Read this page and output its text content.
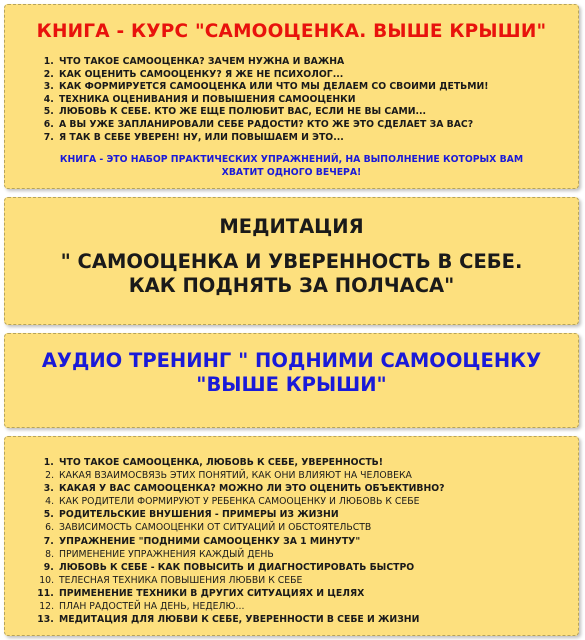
КНИГА - КУРС "САМООЦЕНКА. ВЫШЕ КРЫШИ"
1. ЧТО ТАКОЕ САМООЦЕНКА? ЗАЧЕМ НУЖНА И ВАЖНА
2. КАК ОЦЕНИТЬ САМООЦЕНКУ? Я ЖЕ НЕ ПСИХОЛОГ...
3. КАК ФОРМИРУЕТСЯ САМООЦЕНКА ИЛИ ЧТО МЫ ДЕЛАЕМ СО СВОИМИ ДЕТЬМИ!
4. ТЕХНИКА ОЦЕНИВАНИЯ И ПОВЫШЕНИЯ САМООЦЕНКИ
5. ЛЮБОВЬ К СЕБЕ. КТО ЖЕ ЕЩЕ ПОЛЮБИТ ВАС, ЕСЛИ НЕ ВЫ САМИ...
6. А ВЫ УЖЕ ЗАПЛАНИРОВАЛИ СЕБЕ РАДОСТИ? КТО ЖЕ ЭТО СДЕЛАЕТ ЗА ВАС?
7. Я ТАК В СЕБЕ УВЕРЕН! НУ, ИЛИ ПОВЫШАЕМ И ЭТО...

КНИГА - ЭТО НАБОР ПРАКТИЧЕСКИХ УПРАЖНЕНИЙ, НА ВЫПОЛНЕНИЕ КОТОРЫХ ВАМ
ХВАТИТ ОДНОГО ВЕЧЕРА!

МЕДИТАЦИЯ
" САМООЦЕНКА И УВЕРЕННОСТЬ В СЕБЕ. КАК ПОДНЯТЬ ЗА ПОЛЧАСА"
АУДИО ТРЕНИНГ " ПОДНИМИ САМООЦЕНКУ "ВЫШЕ КРЫШИ"
1. ЧТО ТАКОЕ САМООЦЕНКА, ЛЮБОВЬ К СЕБЕ, УВЕРЕННОСТЬ!
2. КАКАЯ ВЗАИМОСВЯЗЬ ЭТИХ ПОНЯТИЙ, КАК ОНИ ВЛИЯЮТ НА ЧЕЛОВЕКА
3. КАКАЯ У ВАС САМООЦЕНКА? МОЖНО ЛИ ЭТО ОЦЕНИТЬ ОБЪЕКТИВНО?
4. КАК РОДИТЕЛИ ФОРМИРУЮТ У РЕБЕНКА САМООЦЕНКУ И ЛЮБОВЬ К СЕБЕ
5. РОДИТЕЛЬСКИЕ ВНУШЕНИЯ - ПРИМЕРЫ ИЗ ЖИЗНИ
6. ЗАВИСИМОСТЬ САМООЦЕНКИ ОТ СИТУАЦИЙ И ОБСТОЯТЕЛЬСТВ
7. УПРАЖНЕНИЕ "ПОДНИМИ САМООЦЕНКУ ЗА 1 МИНУТУ"
8. ПРИМЕНЕНИЕ УПРАЖНЕНИЯ КАЖДЫЙ ДЕНЬ
9. ЛЮБОВЬ К СЕБЕ - КАК ПОВЫСИТЬ И ДИАГНОСТИРОВАТЬ БЫСТРО
10. ТЕЛЕСНАЯ ТЕХНИКА ПОВЫШЕНИЯ ЛЮБВИ К СЕБЕ
11. ПРИМЕНЕНИЕ ТЕХНИКИ В ДРУГИХ СИТУАЦИЯХ И ЦЕЛЯХ
12. ПЛАН РАДОСТЕЙ НА ДЕНЬ, НЕДЕЛЮ...
13. МЕДИТАЦИЯ ДЛЯ ЛЮБВИ К СЕБЕ, УВЕРЕННОСТИ В СЕБЕ И ЖИЗНИ
